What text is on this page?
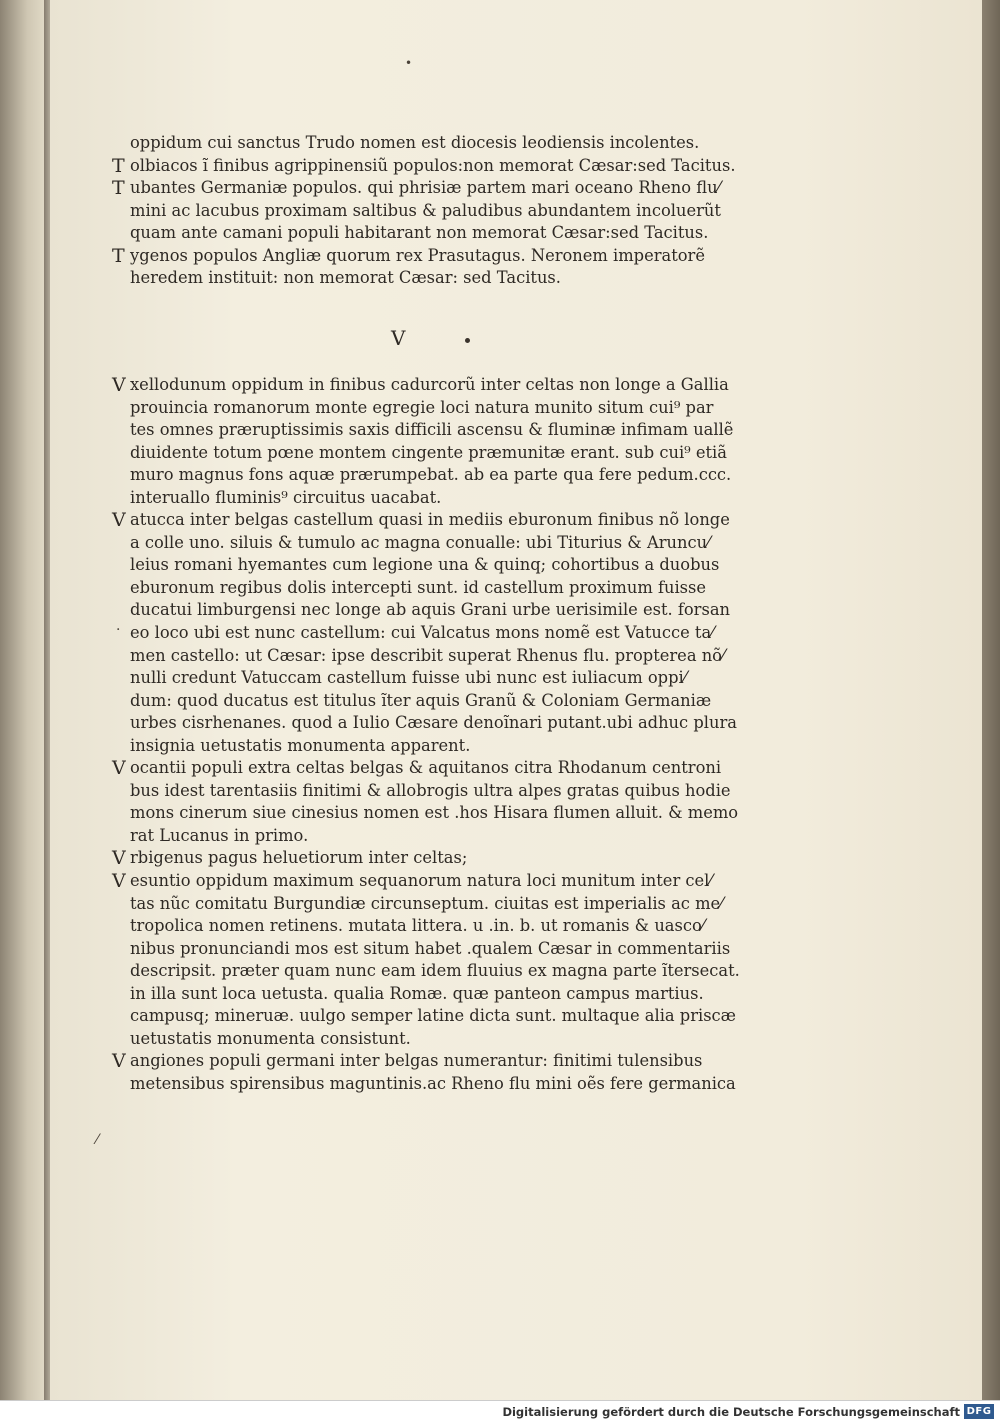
•
oppidum cui sanctus Trudo nomen est diocesis leodiensis incolentes.
T olbiacos ĩ finibus agrippinensiũ populos:non memorat Cæsar:sed Tacitus.
T ubantes Germaniæ populos. qui phrisiæ partem mari oceano Rheno flu⁄
mini ac lacubus proximam saltibus & paludibus abundantem incoluerũt
quam ante camani populi habitarant non memorat Cæsar:sed Tacitus.
T ygenos populos Angliæ quorum rex Prasutagus. Neronem imperatorẽ
heredem instituit: non memorat Cæsar: sed Tacitus.
V
V xellodunum oppidum in finibus cadurcorũ inter celtas non longe a Gallia
prouincia romanorum monte egregie loci natura munito situm cui⁹ par
tes omnes præruptissimis saxis difficili ascensu & fluminæ infimam uallẽ
diuidente totum pœne montem cingente præmunitæ erant. sub cui⁹ etiã
muro magnus fons aquæ prærumpebat. ab ea parte qua fere pedum.ccc.
interuallo fluminis⁹ circuitus uacabat.
V atucca inter belgas castellum quasi in mediis eburonum finibus nõ longe
a colle uno. siluis & tumulo ac magna conualle: ubi Titurius & Aruncu⁄
leius romani hyemantes cum legione una & quinq; cohortibus a duobus
eburonum regibus dolis intercepti sunt. id castellum proximum fuisse
ducatui limburgensi nec longe ab aquis Grani urbe uerisimile est. forsan
eo loco ubi est nunc castellum: cui Valcatus mons nomẽ est Vatucce ta⁄
men castello: ut Cæsar: ipse describit superat Rhenus flu. propterea nõ⁄
nulli credunt Vatuccam castellum fuisse ubi nunc est iuliacum oppi⁄
dum: quod ducatus est titulus ĩter aquis Granũ & Coloniam Germaniæ
urbes cisrhenanes. quod a Iulio Cæsare denoĩnari putant.ubi adhuc plura
insignia uetustatis monumenta apparent.
V ocantii populi extra celtas belgas & aquitanos citra Rhodanum centroni
bus idest tarentasiis finitimi & allobrogis ultra alpes gratas quibus hodie
mons cinerum siue cinesius nomen est .hos Hisara flumen alluit. & memo
rat Lucanus in primo.
V rbigenus pagus heluetiorum inter celtas;
V esuntio oppidum maximum sequanorum natura loci munitum inter cel⁄
tas nũc comitatu Burgundiæ circunseptum. ciuitas est imperialis ac me⁄
tropolica nomen retinens. mutata littera. u .in. b. ut romanis & uasco⁄
nibus pronunciandi mos est situm habet .qualem Cæsar in commentariis
descripsit. præter quam nunc eam idem fluuius ex magna parte ĩtersecat.
in illa sunt loca uetusta. qualia Romæ. quæ panteon campus martius.
campusq; mineruæ. uulgo semper latine dicta sunt. multaque alia priscæ
uetustatis monumenta consistunt.
V angiones populi germani inter belgas numerantur: finitimi tulensibus
metensibus spirensibus maguntinis.ac Rheno flu mini oẽs fere germanica
·
⁄
Digitalisierung gefördert durch die Deutsche Forschungsgemeinschaft DFG
